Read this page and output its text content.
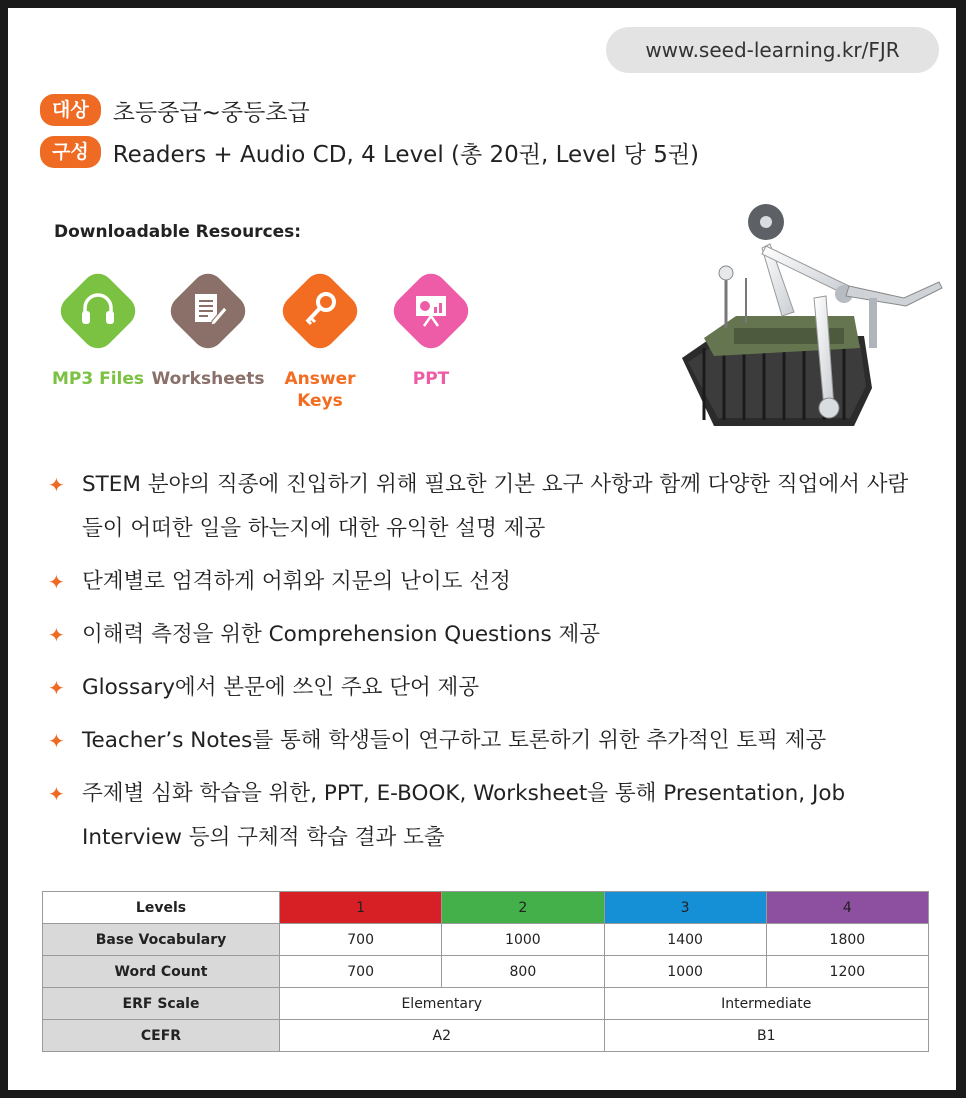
www.seed-learning.kr/FJR
대상	초등중급~중등초급
구성	Readers + Audio CD, 4 Level (총 20권, Level 당 5권)
Downloadable Resources:
MP3 Files Worksheets	Answer Keys
PPT
✦ STEM 분야의 직종에 진입하기 위해 필요한 기본 요구 사항과 함께 다양한 직업에서 사람들이 어떠한 일을 하는지에 대한 유익한 설명 제공
✦ 단계별로 엄격하게 어휘와 지문의 난이도 선정
✦ 이해력 측정을 위한 Comprehension Questions 제공
✦ Glossary에서 본문에 쓰인 주요 단어 제공
✦ Teacher’s Notes를 통해 학생들이 연구하고 토론하기 위한 추가적인 토픽 제공
✦ 주제별 심화 학습을 위한, PPT, E-BOOK, Worksheet을 통해 Presentation, Job Interview 등의 구체적 학습 결과 도출
Levels	1	2	3	4
Base Vocabulary	700	1000	1400	1800
Word Count	700	800	1000	1200
ERF Scale	Elementary		Intermediate	
CEFR	A2		B1	
